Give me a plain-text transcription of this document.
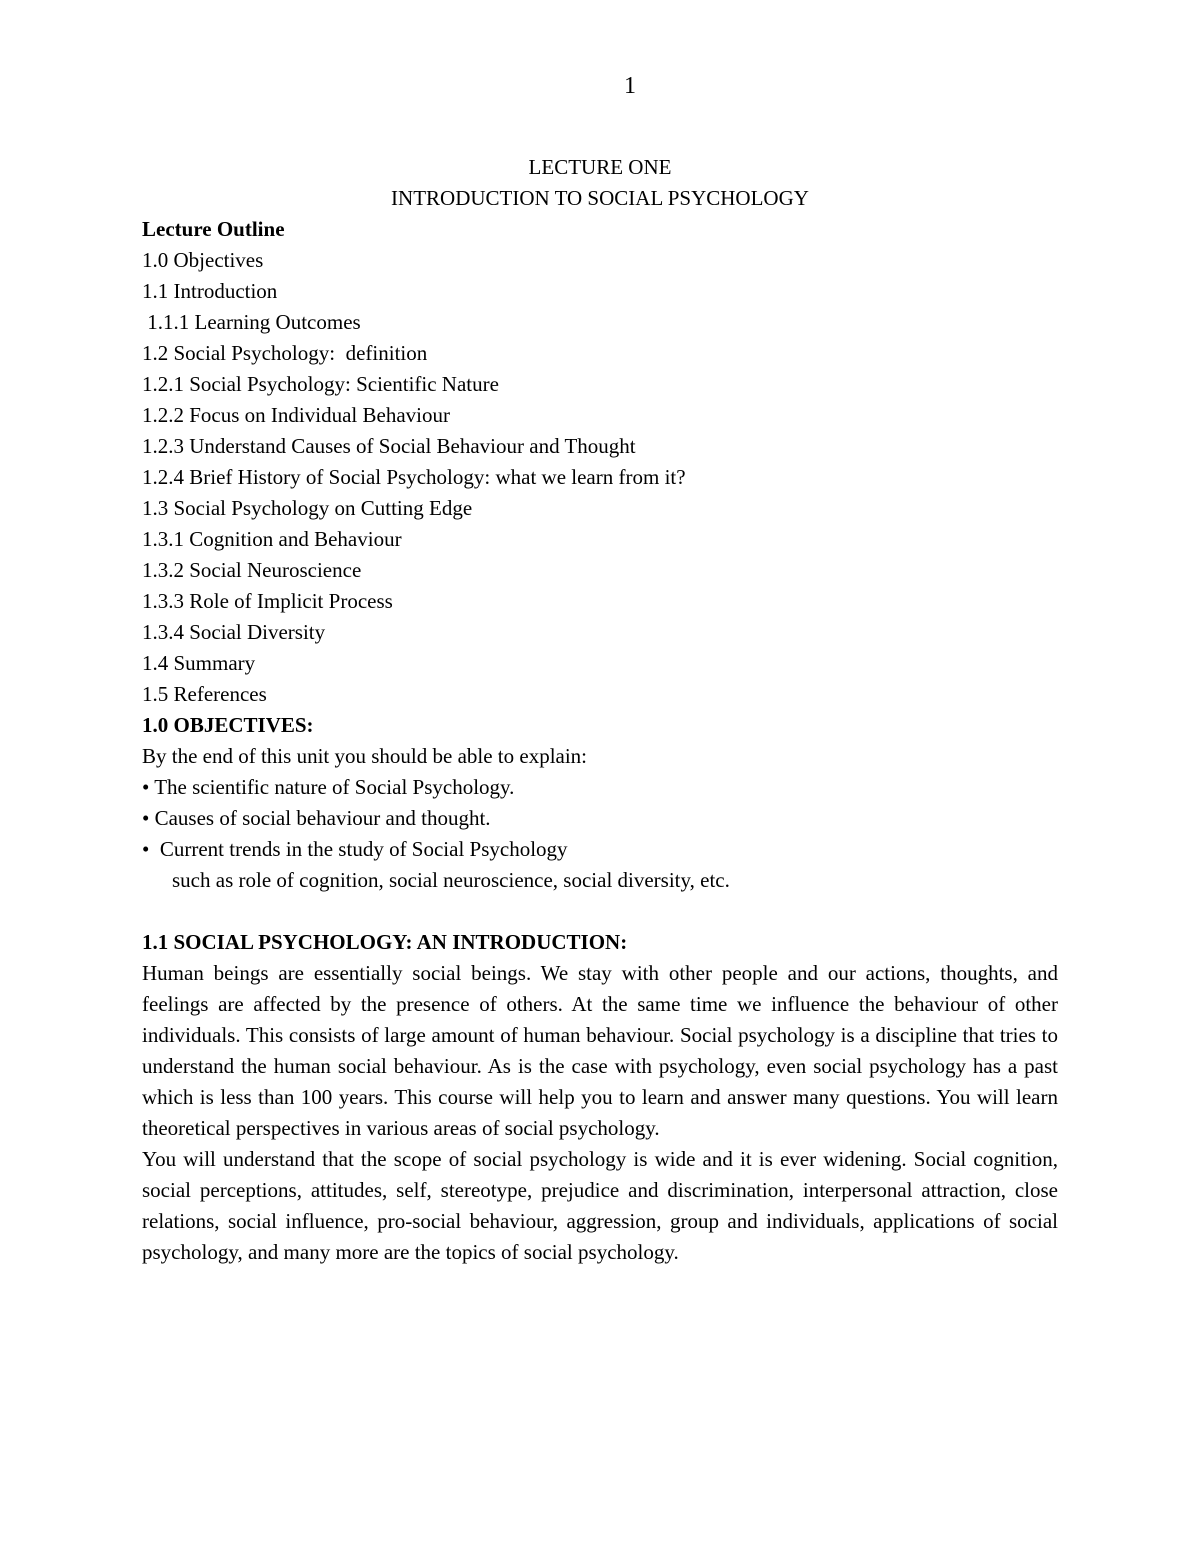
1
LECTURE ONE
INTRODUCTION TO SOCIAL PSYCHOLOGY
Lecture Outline
1.0 Objectives
1.1 Introduction
1.1.1 Learning Outcomes
1.2 Social Psychology:  definition
1.2.1 Social Psychology: Scientific Nature
1.2.2 Focus on Individual Behaviour
1.2.3 Understand Causes of Social Behaviour and Thought
1.2.4 Brief History of Social Psychology: what we learn from it?
1.3 Social Psychology on Cutting Edge
1.3.1 Cognition and Behaviour
1.3.2 Social Neuroscience
1.3.3 Role of Implicit Process
1.3.4 Social Diversity
1.4 Summary
1.5 References
1.0 OBJECTIVES:
By the end of this unit you should be able to explain:
• The scientific nature of Social Psychology.
• Causes of social behaviour and thought.
•  Current trends in the study of Social Psychology
such as role of cognition, social neuroscience, social diversity, etc.
1.1 SOCIAL PSYCHOLOGY: AN INTRODUCTION:

Human beings are essentially social beings. We stay with other people and our actions, thoughts, and feelings are affected by the presence of others. At the same time we influence the behaviour of other individuals. This consists of large amount of human behaviour. Social psychology is a discipline that tries to understand the human social behaviour. As is the case with psychology, even social psychology has a past which is less than 100 years. This course will help you to learn and answer many questions. You will learn theoretical perspectives in various areas of social psychology.

You will understand that the scope of social psychology is wide and it is ever widening. Social cognition, social perceptions, attitudes, self, stereotype, prejudice and discrimination, interpersonal attraction, close relations, social influence, pro-social behaviour, aggression, group and individuals, applications of social psychology, and many more are the topics of social psychology.
